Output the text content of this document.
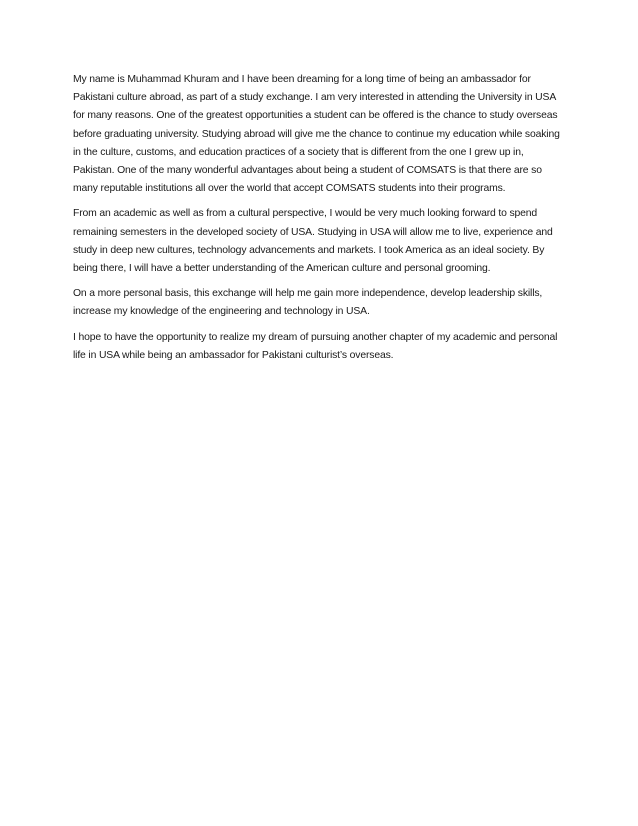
My name is Muhammad Khuram and I have been dreaming for a long time of being an ambassador for Pakistani culture abroad, as part of a study exchange. I am very interested in attending the University in USA for many reasons. One of the greatest opportunities a student can be offered is the chance to study overseas before graduating university. Studying abroad will give me the chance to continue my education while soaking in the culture, customs, and education practices of a society that is different from the one I grew up in, Pakistan. One of the many wonderful advantages about being a student of COMSATS is that there are so many reputable institutions all over the world that accept COMSATS students into their programs.

From an academic as well as from a cultural perspective, I would be very much looking forward to spend remaining semesters in the developed society of USA. Studying in USA will allow me to live, experience and study in deep new cultures, technology advancements and markets. I took America as an ideal society. By being there, I will have a better understanding of the American culture and personal grooming.

On a more personal basis, this exchange will help me gain more independence, develop leadership skills, increase my knowledge of the engineering and technology in USA.

I hope to have the opportunity to realize my dream of pursuing another chapter of my academic and personal life in USA while being an ambassador for Pakistani culturist’s overseas.
